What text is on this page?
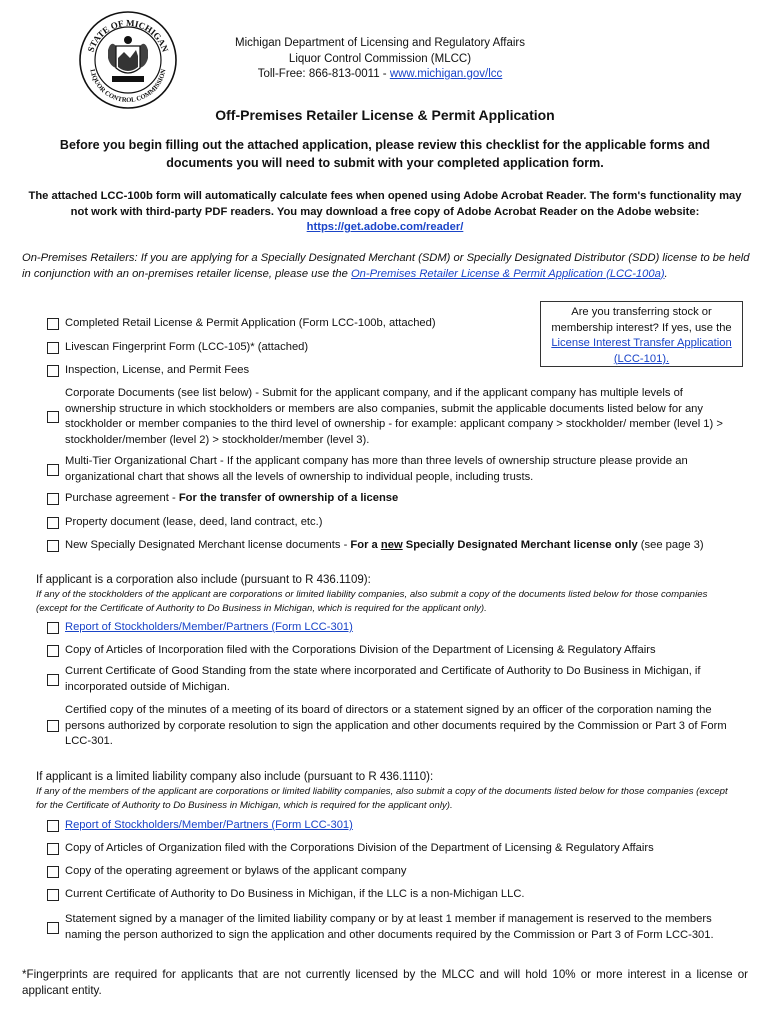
STATE OF MICHIGAN
LIQUOR CONTROL COMMISSION
Michigan Department of Licensing and Regulatory Affairs
Liquor Control Commission (MLCC)
Toll-Free: 866-813-0011 - www.michigan.gov/lcc
Off-Premises Retailer License & Permit Application
Before you begin filling out the attached application, please review this checklist for the applicable forms and documents you will need to submit with your completed application form.
The attached LCC-100b form will automatically calculate fees when opened using Adobe Acrobat Reader. The form's functionality may not work with third-party PDF readers. You may download a free copy of Adobe Acrobat Reader on the Adobe website: https://get.adobe.com/reader/
On-Premises Retailers: If you are applying for a Specially Designated Merchant (SDM) or Specially Designated Distributor (SDD) license to be held in conjunction with an on-premises retailer license, please use the On-Premises Retailer License & Permit Application (LCC-100a).
Are you transferring stock or membership interest? If yes, use the License Interest Transfer Application (LCC-101).
Completed Retail License & Permit Application (Form LCC-100b, attached)
Livescan Fingerprint Form (LCC-105)* (attached)
Inspection, License, and Permit Fees
Corporate Documents (see list below) - Submit for the applicant company, and if the applicant company has multiple levels of ownership structure in which stockholders or members are also companies, submit the applicable documents listed below for any stockholder or member companies to the third level of ownership - for example: applicant company > stockholder/ member (level 1) > stockholder/member (level 2) > stockholder/member (level 3).
Multi-Tier Organizational Chart - If the applicant company has more than three levels of ownership structure please provide an organizational chart that shows all the levels of ownership to individual people, including trusts.
Purchase agreement - For the transfer of ownership of a license
Property document (lease, deed, land contract, etc.)
New Specially Designated Merchant license documents - For a new Specially Designated Merchant license only (see page 3)
If applicant is a corporation also include (pursuant to R 436.1109):
If any of the stockholders of the applicant are corporations or limited liability companies, also submit a copy of the documents listed below for those companies (except for the Certificate of Authority to Do Business in Michigan, which is required for the applicant only).
Report of Stockholders/Member/Partners (Form LCC-301)
Copy of Articles of Incorporation filed with the Corporations Division of the Department of Licensing & Regulatory Affairs
Current Certificate of Good Standing from the state where incorporated and Certificate of Authority to Do Business in Michigan, if incorporated outside of Michigan.
Certified copy of the minutes of a meeting of its board of directors or a statement signed by an officer of the corporation naming the persons authorized by corporate resolution to sign the application and other documents required by the Commission or Part 3 of Form LCC-301.
If applicant is a limited liability company also include (pursuant to R 436.1110):
If any of the members of the applicant are corporations or limited liability companies, also submit a copy of the documents listed below for those companies (except for the Certificate of Authority to Do Business in Michigan, which is required for the applicant only).
Report of Stockholders/Member/Partners (Form LCC-301)
Copy of Articles of Organization filed with the Corporations Division of the Department of Licensing & Regulatory Affairs
Copy of the operating agreement or bylaws of the applicant company
Current Certificate of Authority to Do Business in Michigan, if the LLC is a non-Michigan LLC.
Statement signed by a manager of the limited liability company or by at least 1 member if management is reserved to the members naming the person authorized to sign the application and other documents required by the Commission or Part 3 of Form LCC-301.
*Fingerprints are required for applicants that are not currently licensed by the MLCC and will hold 10% or more interest in a license or applicant entity.
